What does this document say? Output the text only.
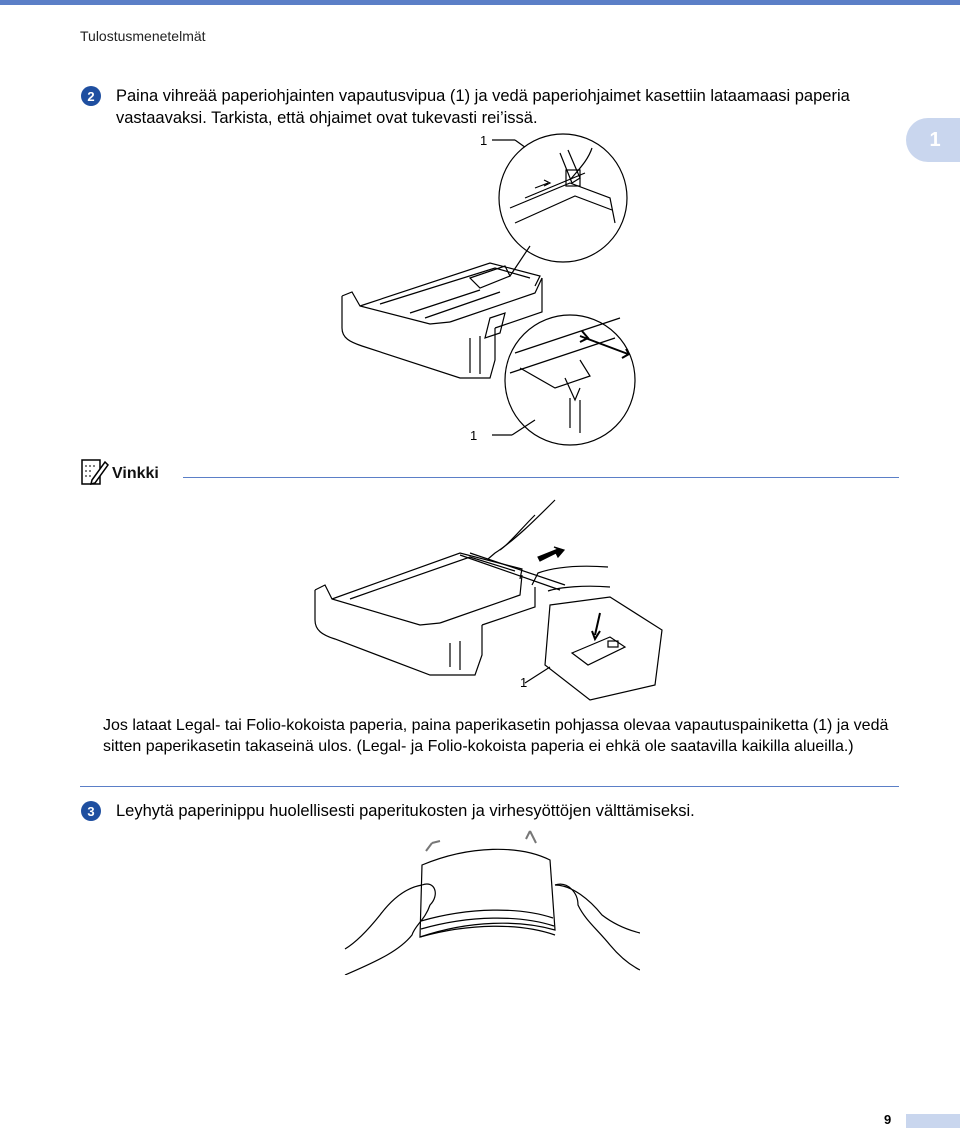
Tulostusmenetelmät
1
2	Paina vihreää paperiohjainten vapautusvipua (1) ja vedä paperiohjaimet kasettiin lataamaasi paperia
vastaavaksi. Tarkista, että ohjaimet ovat tukevasti rei’issä.
1
1
Vinkki
1
Jos lataat Legal- tai Folio-kokoista paperia, paina paperikasetin pohjassa olevaa vapautuspainiketta (1) ja vedä sitten paperikasetin takaseinä ulos. (Legal- ja Folio-kokoista paperia ei ehkä ole saatavilla kaikilla alueilla.)
3	Leyhytä paperinippu huolellisesti paperitukosten ja virhesyöttöjen välttämiseksi.
9
